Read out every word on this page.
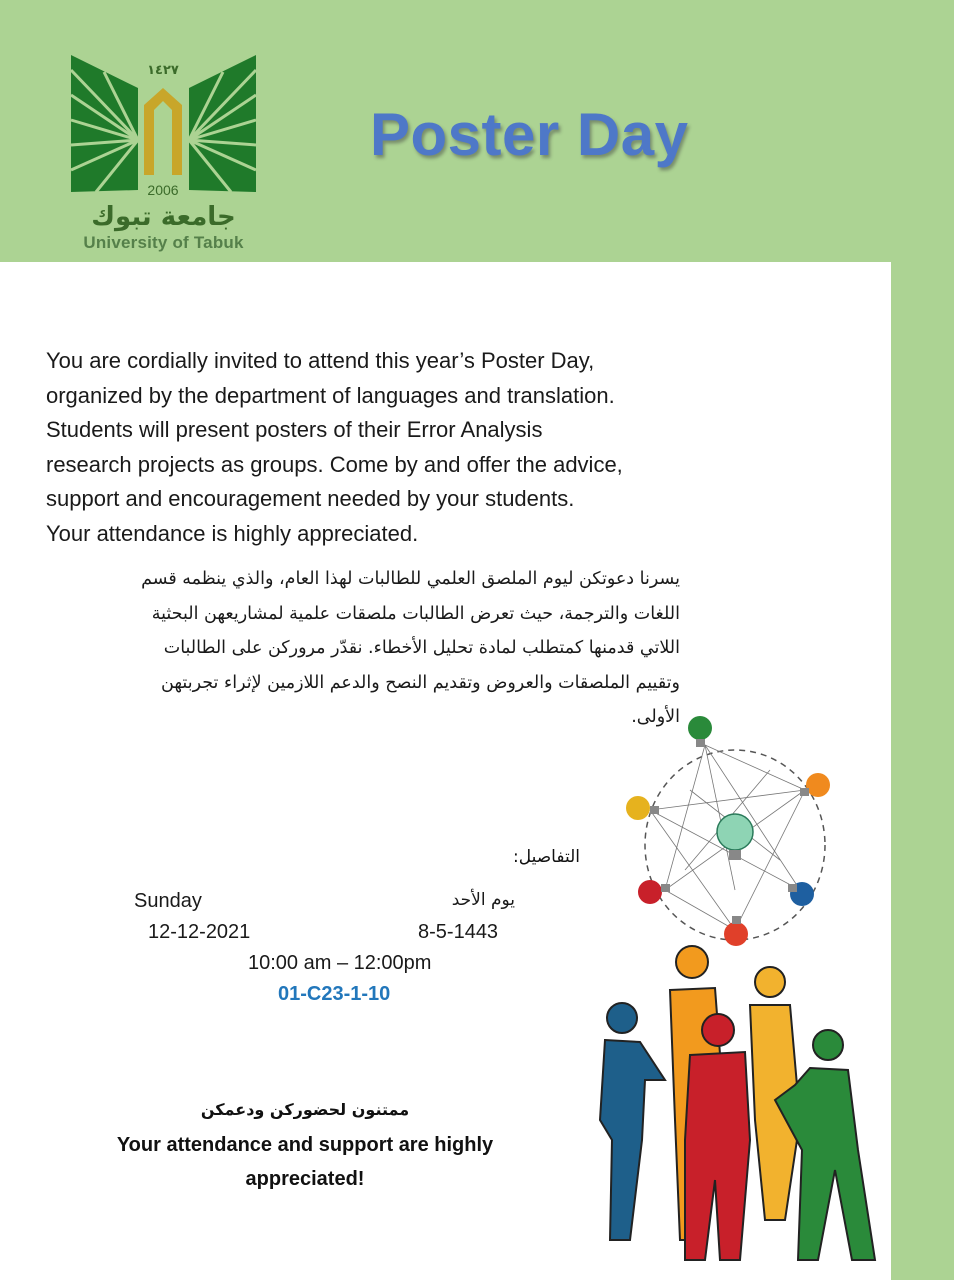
١٤٢٧
2006
جامعة تبوك
University of Tabuk
Poster Day
You are cordially invited to attend this year’s Poster Day,
organized by the department of languages and translation.
Students will present posters of their Error Analysis
research projects as groups. Come by and offer the advice,
support and encouragement needed by your students.
Your attendance is highly appreciated.
يسرنا دعوتكن ليوم الملصق العلمي للطالبات لهذا العام، والذي ينظمه قسم
اللغات والترجمة، حيث تعرض الطالبات ملصقات علمية لمشاريعهن البحثية
اللاتي قدمنها كمتطلب لمادة تحليل الأخطاء. نقدّر مروركن على الطالبات
وتقييم الملصقات والعروض وتقديم النصح والدعم اللازمين لإثراء تجربتهن
الأولى.
التفاصيل:
Sunday	يوم الأحد
12-12-2021	8-5-1443
10:00 am – 12:00pm
01-C23-1-10
ممتنون لحضوركن ودعمكن
Your attendance and support are highly
appreciated!
